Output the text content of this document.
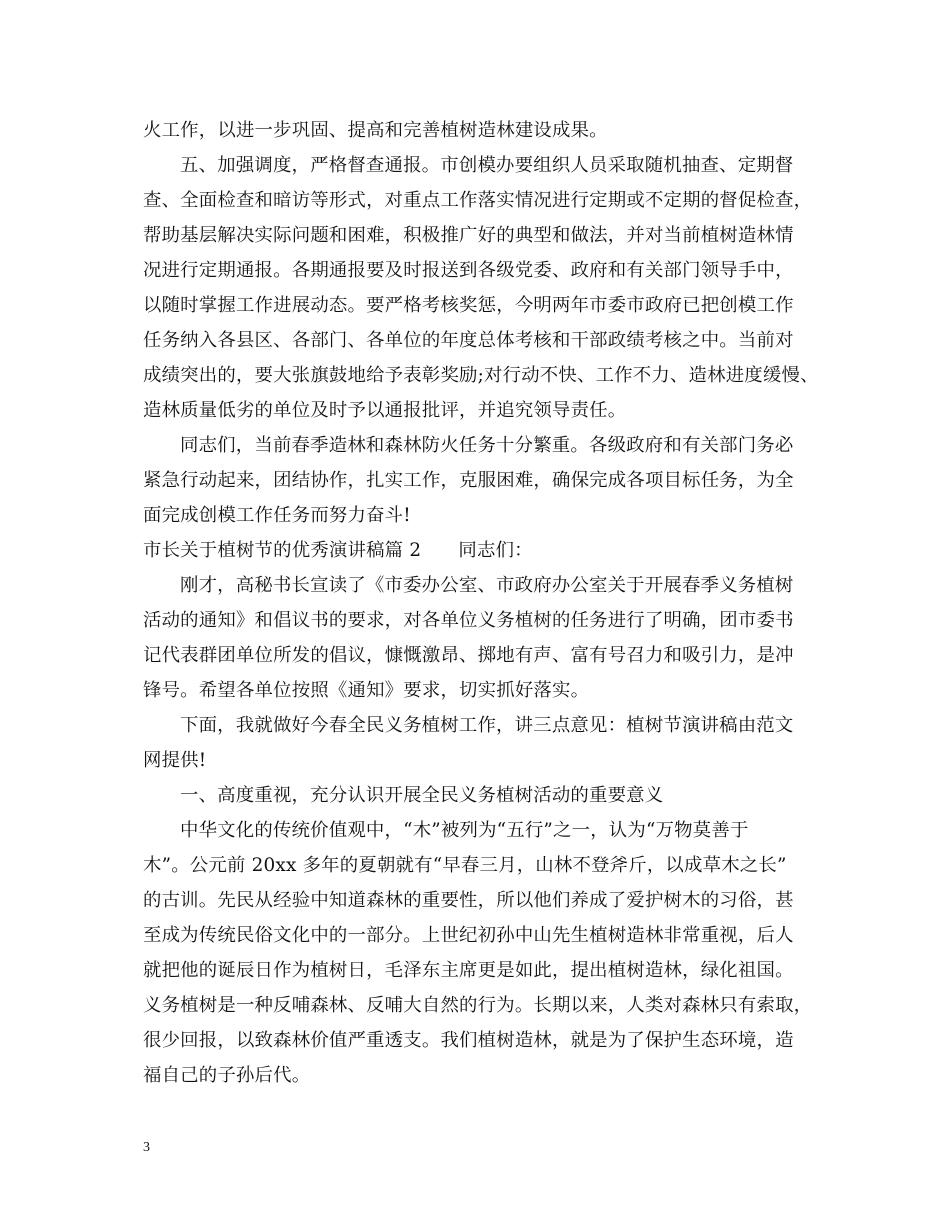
火工作，以进一步巩固、提高和完善植树造林建设成果。
五、加强调度，严格督查通报。市创模办要组织人员采取随机抽查、定期督
查、全面检查和暗访等形式，对重点工作落实情况进行定期或不定期的督促检查，
帮助基层解决实际问题和困难，积极推广好的典型和做法，并对当前植树造林情
况进行定期通报。各期通报要及时报送到各级党委、政府和有关部门领导手中，
以随时掌握工作进展动态。要严格考核奖惩，今明两年市委市政府已把创模工作
任务纳入各县区、各部门、各单位的年度总体考核和干部政绩考核之中。当前对
成绩突出的，要大张旗鼓地给予表彰奖励;对行动不快、工作不力、造林进度缓慢、
造林质量低劣的单位及时予以通报批评，并追究领导责任。
同志们，当前春季造林和森林防火任务十分繁重。各级政府和有关部门务必
紧急行动起来，团结协作，扎实工作，克服困难，确保完成各项目标任务，为全
面完成创模工作任务而努力奋斗!
市长关于植树节的优秀演讲稿篇 2　　同志们：
刚才，高秘书长宣读了《市委办公室、市政府办公室关于开展春季义务植树
活动的通知》和倡议书的要求，对各单位义务植树的任务进行了明确，团市委书
记代表群团单位所发的倡议，慷慨激昂、掷地有声、富有号召力和吸引力，是冲
锋号。希望各单位按照《通知》要求，切实抓好落实。
下面，我就做好今春全民义务植树工作，讲三点意见：植树节演讲稿由范文
网提供!
一、高度重视，充分认识开展全民义务植树活动的重要意义
中华文化的传统价值观中，“木”被列为“五行”之一，认为“万物莫善于
木”。公元前 20xx 多年的夏朝就有“早春三月，山林不登斧斤，以成草木之长”
的古训。先民从经验中知道森林的重要性，所以他们养成了爱护树木的习俗，甚
至成为传统民俗文化中的一部分。上世纪初孙中山先生植树造林非常重视，后人
就把他的诞辰日作为植树日，毛泽东主席更是如此，提出植树造林，绿化祖国。
义务植树是一种反哺森林、反哺大自然的行为。长期以来，人类对森林只有索取，
很少回报，以致森林价值严重透支。我们植树造林，就是为了保护生态环境，造
福自己的子孙后代。
3
